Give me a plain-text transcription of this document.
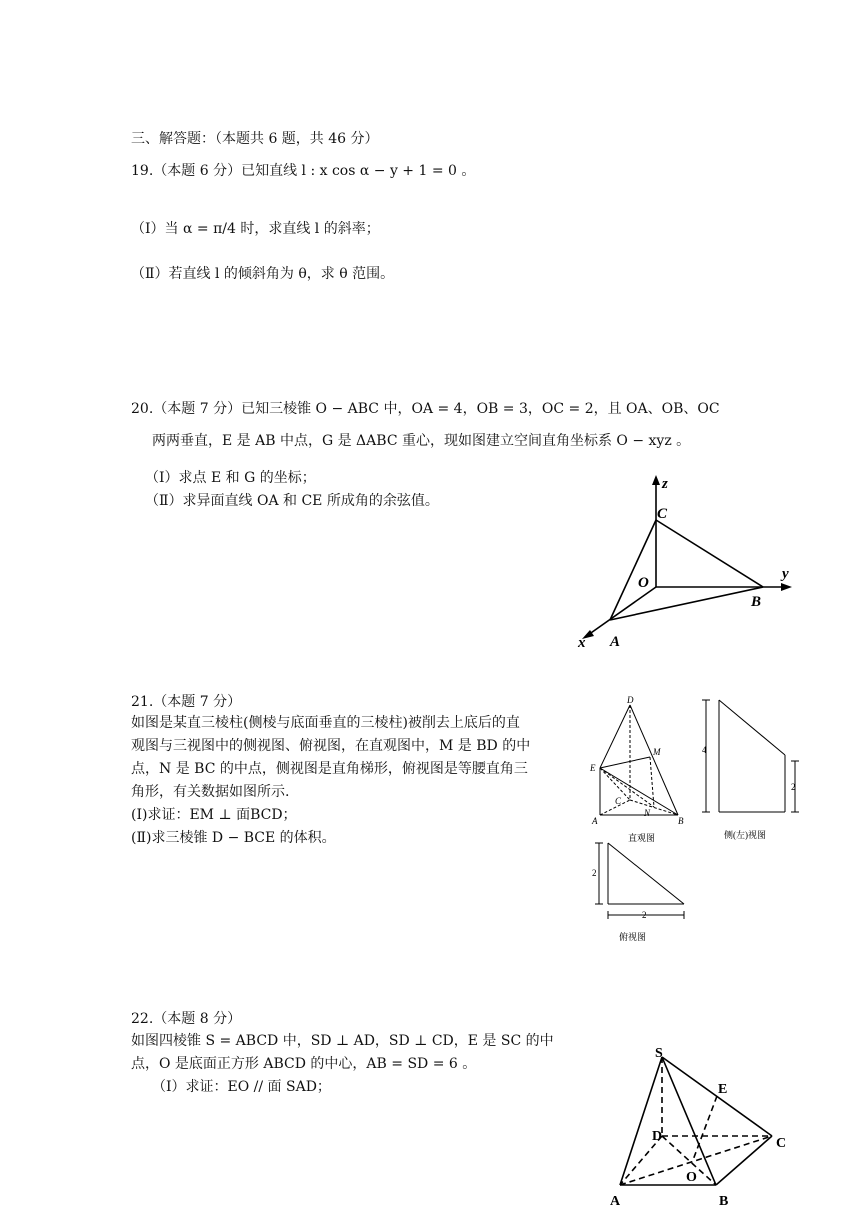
三、解答题：（本题共 6 题，共 46 分）
19.（本题 6 分）已知直线 l : x cos α − y + 1 = 0 。
（Ⅰ）当 α = π/4 时，求直线 l 的斜率；
（Ⅱ）若直线 l 的倾斜角为 θ，求 θ 范围。
20.（本题 7 分）已知三棱锥 O − ABC 中，OA = 4，OB = 3，OC = 2，且 OA、OB、OC
两两垂直，E 是 AB 中点，G 是 ΔABC 重心，现如图建立空间直角坐标系 O − xyz 。
（Ⅰ）求点 E 和 G 的坐标；
（Ⅱ）求异面直线 OA 和 CE 所成角的余弦值。
z
y
x
C
O
B
A
21.（本题 7 分）
如图是某直三棱柱(侧棱与底面垂直的三棱柱)被削去上底后的直
观图与三视图中的侧视图、俯视图，在直观图中，M 是 BD 的中
点，N 是 BC 的中点，侧视图是直角梯形，俯视图是等腰直角三
角形，有关数据如图所示.
(Ⅰ)求证：EM ⊥ 面BCD；
(Ⅱ)求三棱锥 D − BCE 的体积。
D
M
E
C
N
A	B
直观图
4
2
侧(左)视图
2
2
俯视图
22.（本题 8 分）
如图四棱锥 S = ABCD 中，SD ⊥ AD，SD ⊥ CD，E 是 SC 的中
点，O 是底面正方形 ABCD 的中心，AB = SD = 6 。
（Ⅰ）求证：EO // 面 SAD；
S
E
D	C
O
A	B
